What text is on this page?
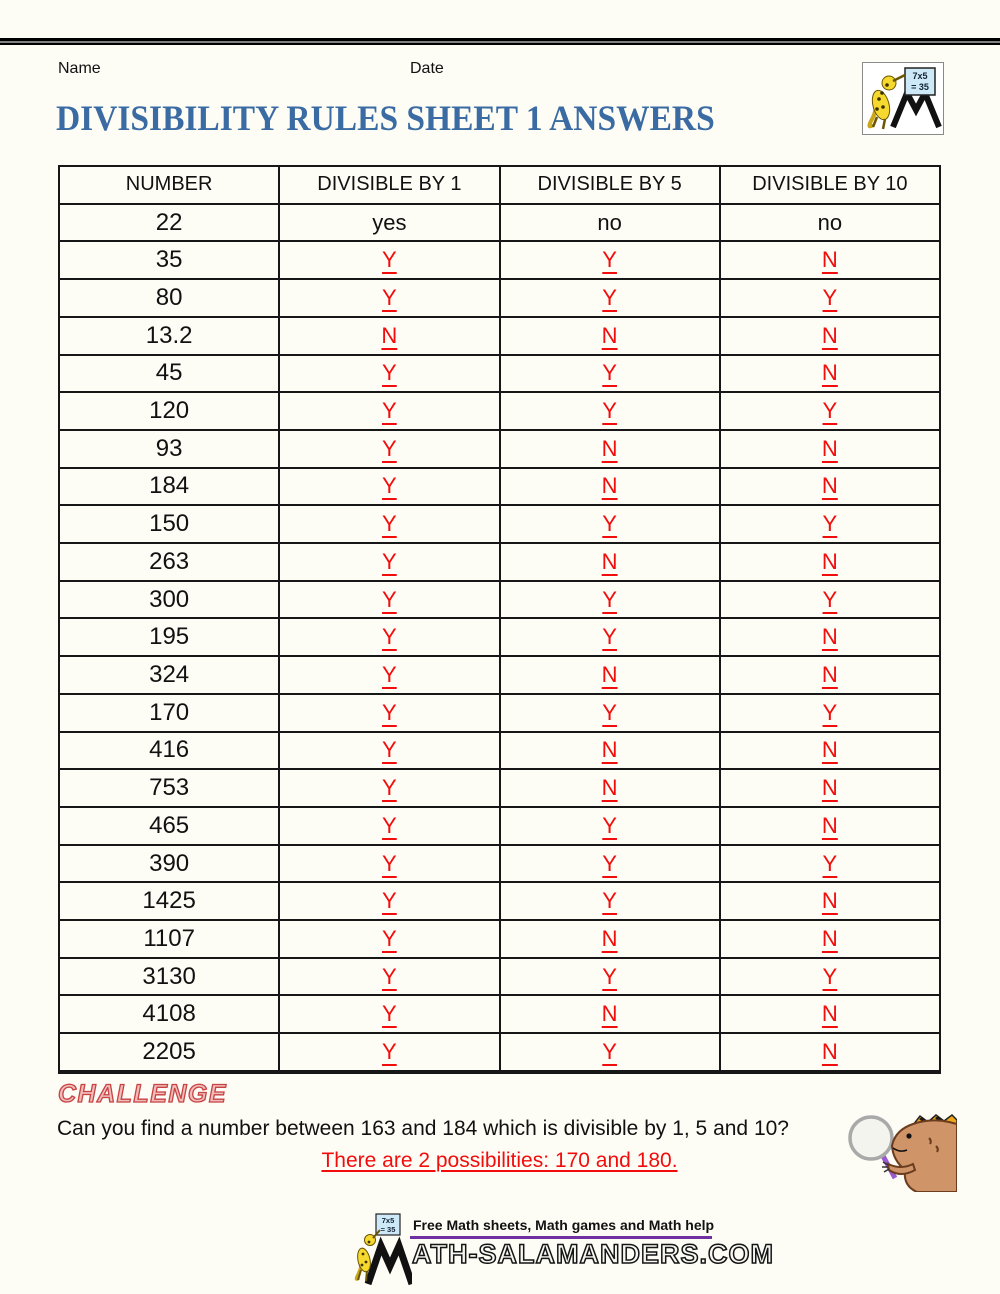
Name	Date	7x5
= 35
DIVISIBILITY RULES SHEET 1 ANSWERS
NUMBER	DIVISIBLE BY 1	DIVISIBLE BY 5	DIVISIBLE BY 10
22	yes	no	no
35	Y	Y	N
80	Y	Y	Y
13.2	N	N	N
45	Y	Y	N
120	Y	Y	Y
93	Y	N	N
184	Y	N	N
150	Y	Y	Y
263	Y	N	N
300	Y	Y	Y
195	Y	Y	N
324	Y	N	N
170	Y	Y	Y
416	Y	N	N
753	Y	N	N
465	Y	Y	N
390	Y	Y	Y
1425	Y	Y	N
1107	Y	N	N
3130	Y	Y	Y
4108	Y	N	N
2205	Y	Y	N
CHALLENGE
Can you find a number between 163 and 184 which is divisible by 1, 5 and 10?
There are 2 possibilities: 170 and 180.
7x5
= 35 Free Math sheets, Math games and Math help
ATH-SALAMANDERS.COM
